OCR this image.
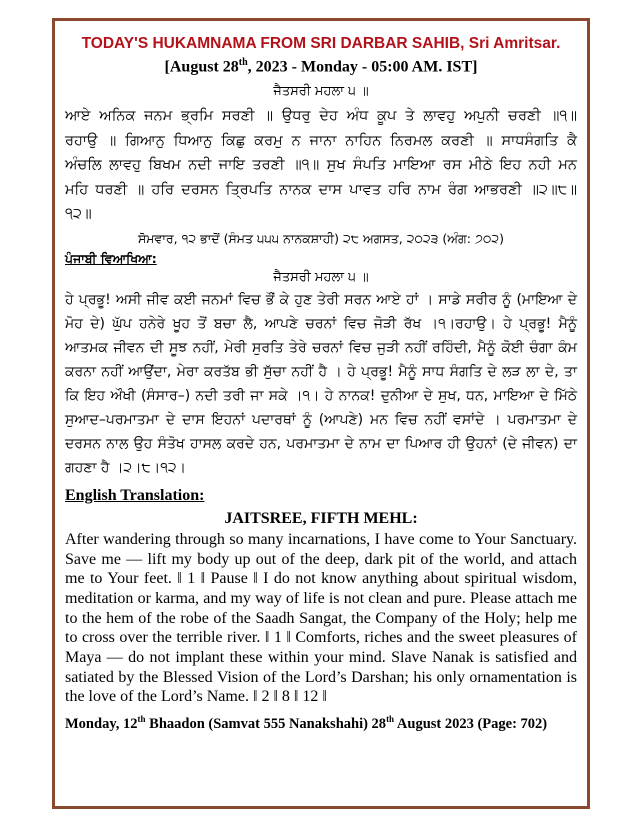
TODAY'S HUKAMNAMA FROM SRI DARBAR SAHIB, Sri Amritsar.
[August 28th, 2023 - Monday - 05:00 AM. IST]
ਜੈਤਸਰੀ ਮਹਲਾ ੫ ॥
ਆਏ ਅਨਿਕ ਜਨਮ ਭ੍ਰਮਿ ਸਰਣੀ ॥ ਉਧਰੁ ਦੇਹ ਅੰਧ ਕੂਪ ਤੇ ਲਾਵਹੁ ਅਪੁਨੀ ਚਰਣੀ ॥੧॥ ਰਹਾਉ ॥ ਗਿਆਨੁ ਧਿਆਨੁ ਕਿਛੁ ਕਰਮੁ ਨ ਜਾਨਾ ਨਾਹਿਨ ਨਿਰਮਲ ਕਰਣੀ ॥ ਸਾਧਸੰਗਤਿ ਕੈ ਅੰਚਲਿ ਲਾਵਹੁ ਬਿਖਮ ਨਦੀ ਜਾਇ ਤਰਣੀ ॥੧॥ ਸੁਖ ਸੰਪਤਿ ਮਾਇਆ ਰਸ ਮੀਠੇ ਇਹ ਨਹੀ ਮਨ ਮਹਿ ਧਰਣੀ ॥ ਹਰਿ ਦਰਸਨ ਤ੍ਰਿਪਤਿ ਨਾਨਕ ਦਾਸ ਪਾਵਤ ਹਰਿ ਨਾਮ ਰੰਗ ਆਭਰਣੀ ॥੨॥੮॥੧੨॥
ਸੋਮਵਾਰ, ੧੨ ਭਾਦੋਂ (ਸੰਮਤ ੫੫੫ ਨਾਨਕਸ਼ਾਹੀ) ੨੮ ਅਗਸਤ, ੨੦੨੩ (ਅੰਗ: ੭੦੨)
ਪੰਜਾਬੀ ਵਿਆਖਿਆ:
ਜੈਤਸਰੀ ਮਹਲਾ ੫ ॥
ਹੇ ਪ੍ਰਭੂ! ਅਸੀ ਜੀਵ ਕਈ ਜਨਮਾਂ ਵਿਚ ਭੌਂ ਕੇ ਹੁਣ ਤੇਰੀ ਸਰਨ ਆਏ ਹਾਂ । ਸਾਡੇ ਸਰੀਰ ਨੂੰ (ਮਾਇਆ ਦੇ ਮੋਹ ਦੇ) ਘੁੱਪ ਹਨੇਰੇ ਖੂਹ ਤੋਂ ਬਚਾ ਲੈ, ਆਪਣੇ ਚਰਨਾਂ ਵਿਚ ਜੋੜੀ ਰੱਖ ।੧।ਰਹਾਉ। ਹੇ ਪ੍ਰਭੂ! ਮੈਨੂੰ ਆਤਮਕ ਜੀਵਨ ਦੀ ਸੂਝ ਨਹੀਂ, ਮੇਰੀ ਸੁਰਤਿ ਤੇਰੇ ਚਰਨਾਂ ਵਿਚ ਜੁੜੀ ਨਹੀਂ ਰਹਿੰਦੀ, ਮੈਨੂੰ ਕੋਈ ਚੰਗਾ ਕੰਮ ਕਰਨਾ ਨਹੀਂ ਆਉਂਦਾ, ਮੇਰਾ ਕਰਤੱਬ ਭੀ ਸੁੱਚਾ ਨਹੀਂ ਹੈ । ਹੇ ਪ੍ਰਭੂ! ਮੈਨੂੰ ਸਾਧ ਸੰਗਤਿ ਦੇ ਲੜ ਲਾ ਦੇ, ਤਾ ਕਿ ਇਹ ਔਖੀ (ਸੰਸਾਰ–) ਨਦੀ ਤਰੀ ਜਾ ਸਕੇ ।੧। ਹੇ ਨਾਨਕ! ਦੁਨੀਆ ਦੇ ਸੁਖ, ਧਨ, ਮਾਇਆ ਦੇ ਮਿੱਠੇ ਸੁਆਦ–ਪਰਮਾਤਮਾ ਦੇ ਦਾਸ ਇਹਨਾਂ ਪਦਾਰਥਾਂ ਨੂੰ (ਆਪਣੇ) ਮਨ ਵਿਚ ਨਹੀਂ ਵਸਾਂਦੇ । ਪਰਮਾਤਮਾ ਦੇ ਦਰਸਨ ਨਾਲ ਉਹ ਸੰਤੋਖ ਹਾਸਲ ਕਰਦੇ ਹਨ, ਪਰਮਾਤਮਾ ਦੇ ਨਾਮ ਦਾ ਪਿਆਰ ਹੀ ਉਹਨਾਂ (ਦੇ ਜੀਵਨ) ਦਾ ਗਹਣਾ ਹੈ ।੨।੮।੧੨।
English Translation:
JAITSREE, FIFTH MEHL:
After wandering through so many incarnations, I have come to Your Sanctuary. Save me — lift my body up out of the deep, dark pit of the world, and attach me to Your feet. ‖ 1 ‖ Pause ‖ I do not know anything about spiritual wisdom, meditation or karma, and my way of life is not clean and pure. Please attach me to the hem of the robe of the Saadh Sangat, the Company of the Holy; help me to cross over the terrible river. ‖ 1 ‖ Comforts, riches and the sweet pleasures of Maya — do not implant these within your mind. Slave Nanak is satisfied and satiated by the Blessed Vision of the Lord’s Darshan; his only ornamentation is the love of the Lord’s Name. ‖ 2 ‖ 8 ‖ 12 ‖
Monday, 12th Bhaadon (Samvat 555 Nanakshahi) 28th August 2023 (Page: 702)
